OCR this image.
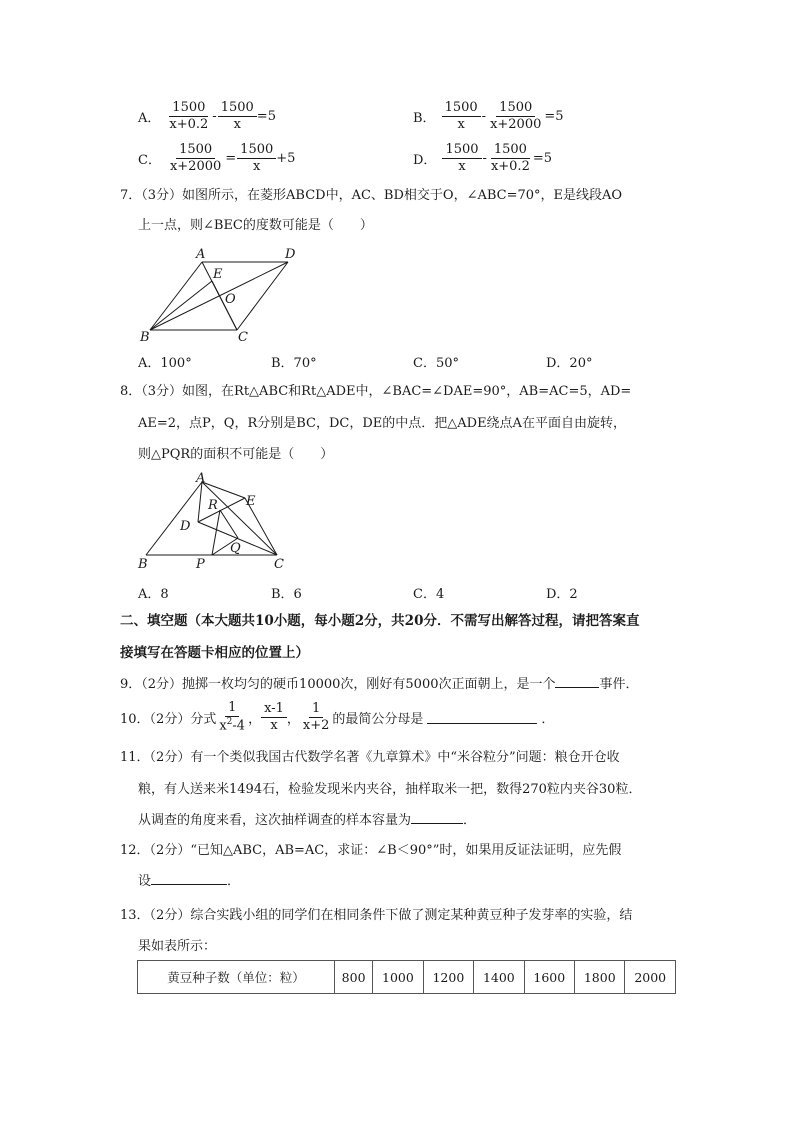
A． $\frac{1500}{x+0.2} - \frac{1500}{x} =5$	B． $\frac{1500}{x} - \frac{1500}{x+2000} =5$
C． $\frac{1500}{x+2000} = \frac{1500}{x} +5$	D． $\frac{1500}{x} - \frac{1500}{x+0.2} =5$
7．（3分）如图所示，在菱形ABCD中，AC、BD相交于O，∠ABC=70°，E是线段AO
上一点，则∠BEC的度数可能是（　　）
A	D
E
O
B	C
A．100°	B．70°	C．50°	D．20°
8．（3分）如图，在Rt△ABC和Rt△ADE中，∠BAC=∠DAE=90°，AB=AC=5，AD=
AE=2，点P，Q，R分别是BC，DC，DE的中点．把△ADE绕点A在平面自由旋转，
则△PQR的面积不可能是（　　）
A
E
R
D
Q
B	P	C
A．8	B．6	C．4	D．2
二、填空题（本大题共10小题，每小题2分，共20分．不需写出解答过程，请把答案直
接填写在答题卡相应的位置上）
9．（2分）抛掷一枚均匀的硬币10000次，刚好有5000次正面朝上，是一个	事件．
10．（2分）分式 $\frac{1}{x^2-4}$ ， $\frac{x-1}{x}$ ， $\frac{1}{x+2}$ 的最简公分母是	．
11．（2分）有一个类似我国古代数学名著《九章算术》中“米谷粒分”问题：粮仓开仓收
粮，有人送来米1494石，检验发现米内夹谷，抽样取米一把，数得270粒内夹谷30粒．
从调查的角度来看，这次抽样调查的样本容量为	．
12．（2分）“已知△ABC，AB=AC，求证：∠B＜90°”时，如果用反证法证明，应先假
设	．
13．（2分）综合实践小组的同学们在相同条件下做了测定某种黄豆种子发芽率的实验，结
果如表所示：
黄豆种子数（单位：粒）	800	1000	1200	1400	1600	1800	2000
